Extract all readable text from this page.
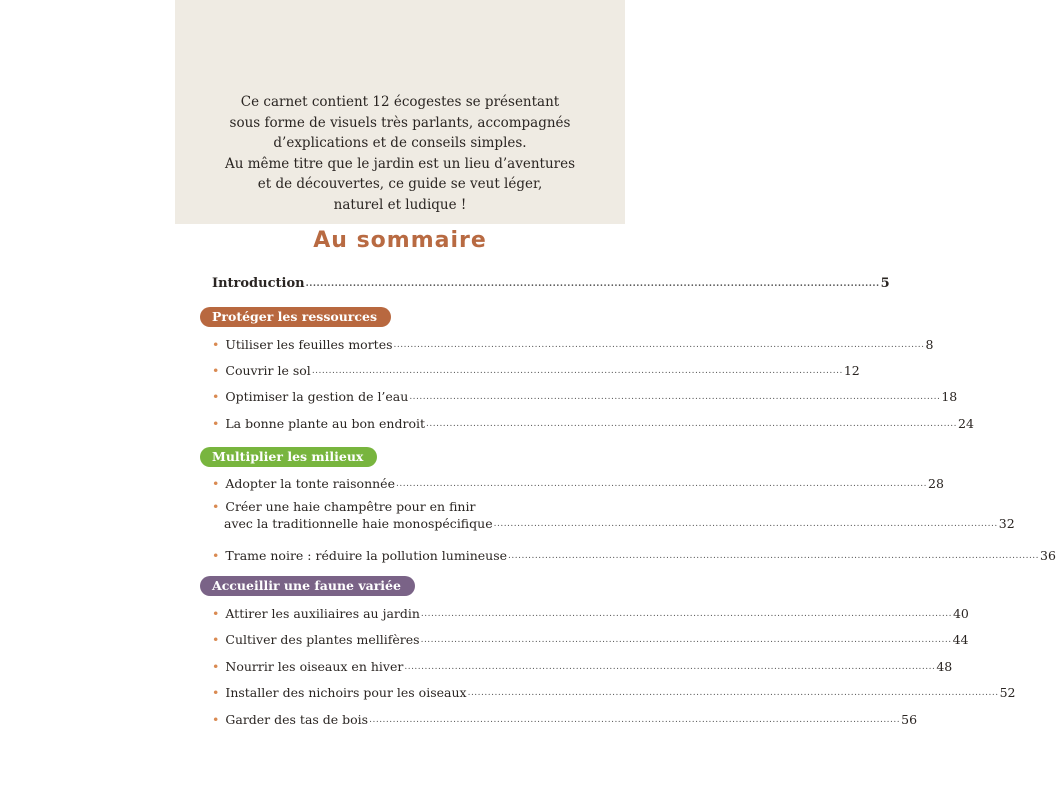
Ce carnet contient 12 écogestes se présentant
sous forme de visuels très parlants, accompagnés
d’explications et de conseils simples.
Au même titre que le jardin est un lieu d’aventures
et de découvertes, ce guide se veut léger,
naturel et ludique !
Au sommaire
Introduction .....	5
Protéger les ressources
• Utiliser les feuilles mortes .....	8
• Couvrir le sol .....	12
• Optimiser la gestion de l’eau .....	18
• La bonne plante au bon endroit .....	24
Multiplier les milieux
• Adopter la tonte raisonnée .....	28
• Créer une haie champêtre pour en finir
avec la traditionnelle haie monospécifique ...................................................................................................................................................... 32
• Trame noire : réduire la pollution lumineuse .....	36
Accueillir une faune variée
• Attirer les auxiliaires au jardin .....	40
• Cultiver des plantes mellifères .....	44
• Nourrir les oiseaux en hiver .....	48
• Installer des nichoirs pour les oiseaux .....	52
• Garder des tas de bois .....	56
